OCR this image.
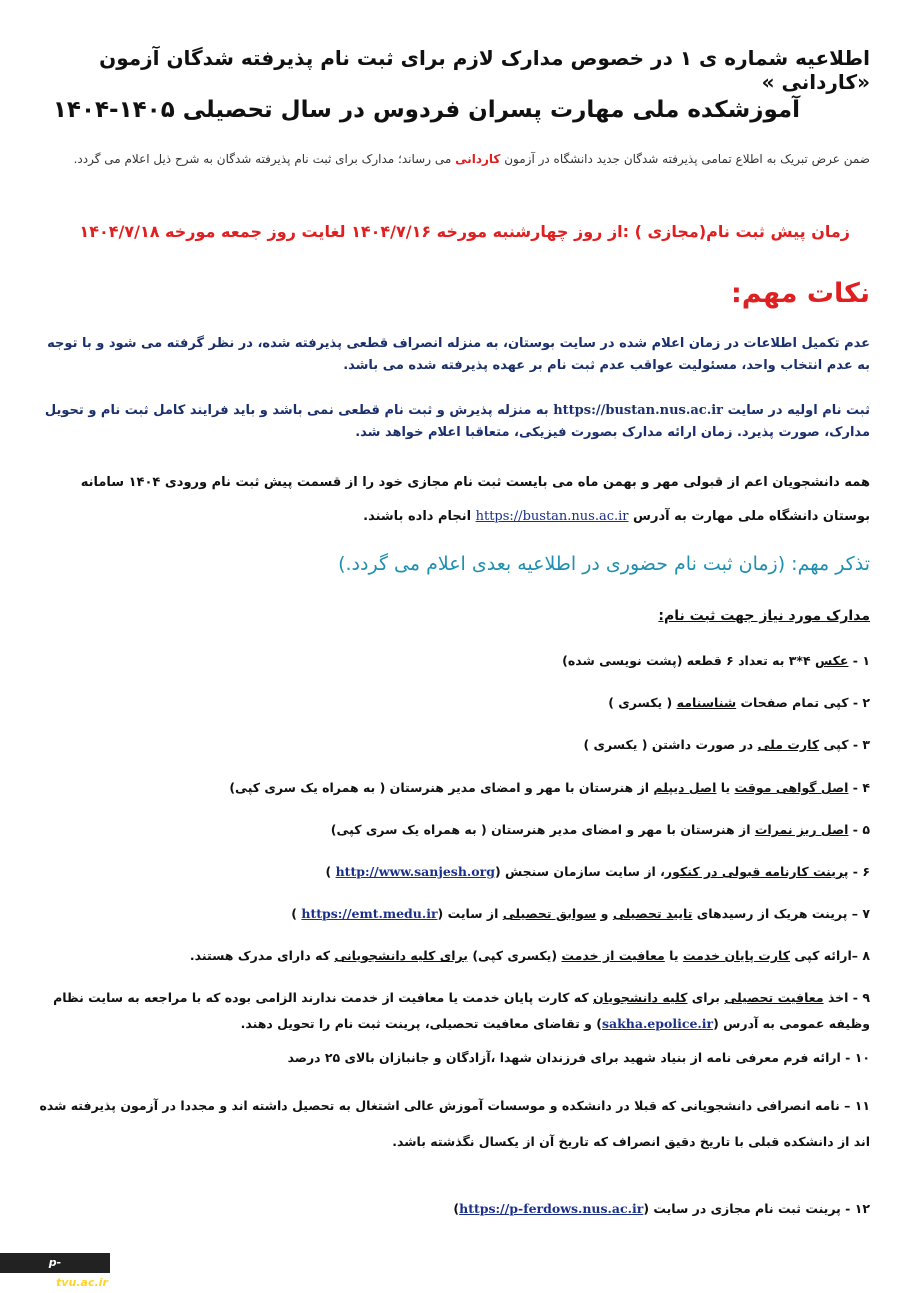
اطلاعیه شماره ی ۱ در خصوص مدارک لازم برای ثبت نام پذیرفته شدگان آزمون «کاردانی »
آموزشکده ملی مهارت پسران فردوس در سال تحصیلی ۱۴۰۵-۱۴۰۴
ضمن عرض تبریک به اطلاع تمامی پذیرفته شدگان جدید دانشگاه در آزمون کاردانی می رساند؛ مدارک برای ثبت نام پذیرفته شدگان به شرح ذیل اعلام می گردد.
زمان پیش ثبت نام(مجازی ) :از روز چهارشنبه مورخه ۱۴۰۴/۷/۱۶ لغایت روز جمعه مورخه ۱۴۰۴/۷/۱۸
نکات مهم:
عدم تکمیل اطلاعات در زمان اعلام شده در سایت بوستان، به منزله انصراف قطعی پذیرفته شده، در نظر گرفته می شود و با توجه به عدم انتخاب واحد، مسئولیت عواقب عدم ثبت نام بر عهده پذیرفته شده می باشد.
ثبت نام اولیه در سایت https://bustan.nus.ac.ir به منزله پذیرش و ثبت نام قطعی نمی باشد و باید فرایند کامل ثبت نام و تحویل مدارک، صورت پذیرد. زمان ارائه مدارک بصورت فیزیکی، متعاقبا اعلام خواهد شد.
همه دانشجویان اعم از قبولی مهر و بهمن ماه می بایست ثبت نام مجازی خود را از قسمت پیش ثبت نام ورودی ۱۴۰۴ سامانه بوستان دانشگاه ملی مهارت به آدرس https://bustan.nus.ac.ir انجام داده باشند.
تذکر مهم: (زمان ثبت نام حضوری در اطلاعیه بعدی اعلام می گردد.)
مدارک مورد نیاز جهت ثبت نام:
۱ - عکس ۴*۳ به تعداد ۶ قطعه (پشت نویسی شده)
۲ - کپی تمام صفحات شناسنامه ( یکسری )
۳ - کپی کارت ملی در صورت داشتن ( یکسری )
۴ - اصل گواهی موقت یا اصل دیپلم از هنرستان با مهر و امضای مدیر هنرستان ( به همراه یک سری کپی)
۵ - اصل ریز نمرات از هنرستان با مهر و امضای مدیر هنرستان ( به همراه یک سری کپی)
۶ - پرینت کارنامه قبولی در کنکور، از سایت سازمان سنجش (http://www.sanjesh.org )
۷ – پرینت هریک از رسیدهای تایید تحصیلی و سوابق تحصیلی از سایت (https://emt.medu.ir )
۸ –ارائه کپی کارت پایان خدمت یا معافیت از خدمت (یکسری کپی) برای کلیه دانشجویانی که دارای مدرک هستند.
۹ - اخذ معافیت تحصیلی برای کلیه دانشجویان که کارت پایان خدمت یا معافیت از خدمت ندارند الزامی بوده که با مراجعه به سایت نظام وظیفه عمومی به آدرس (sakha.epolice.ir) و تقاضای معافیت تحصیلی، پرینت ثبت نام را تحویل دهند.
۱۰ - ارائه فرم معرفی نامه از بنیاد شهید برای فرزندان شهدا ،آزادگان و جانبازان بالای ۲۵ درصد
۱۱ – نامه انصرافی دانشجویانی که قبلا در دانشکده و موسسات آموزش عالی اشتغال به تحصیل داشته اند و مجددا در آزمون پذیرفته شده اند از دانشکده قبلی با تاریخ دقیق انصراف که تاریخ آن از یکسال نگذشته باشد.
۱۲ - پرینت ثبت نام مجازی در سایت (https://p-ferdows.nus.ac.ir)
p-ferdows.tvu.ac.ir
